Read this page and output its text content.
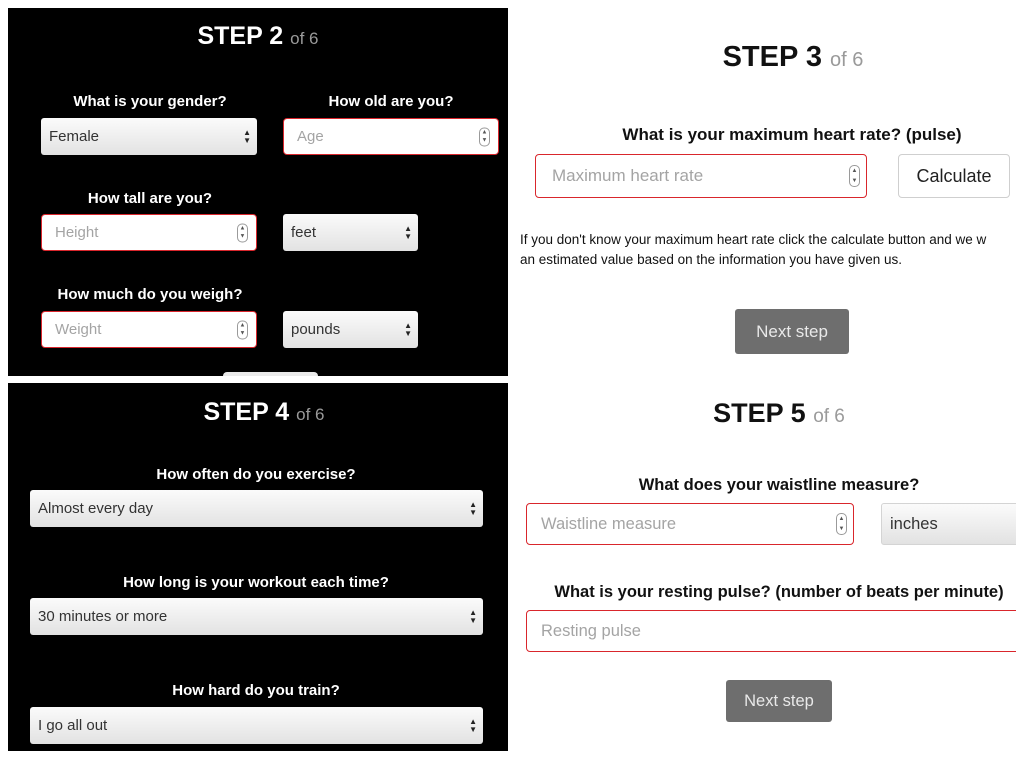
STEP 2 of 6
What is your gender?
Female	▲
▼
How old are you?
Age	▲
▼
How tall are you?
Height	▲
▼	feet	▲
▼
How much do you weigh?
Weight	▲
▼	pounds	▲
▼
STEP 3 of 6
What is your maximum heart rate? (pulse)
Maximum heart rate	▲
▼	Calculate
If you don't know your maximum heart rate click the calculate button and we w
an estimated value based on the information you have given us.
Next step
STEP 4 of 6
How often do you exercise?
Almost every day	▲
▼
How long is your workout each time?
30 minutes or more	▲
▼
How hard do you train?
I go all out	▲
▼
STEP 5 of 6
What does your waistline measure?
Waistline measure	▲
▼	inches
What is your resting pulse? (number of beats per minute)
Resting pulse
Next step
